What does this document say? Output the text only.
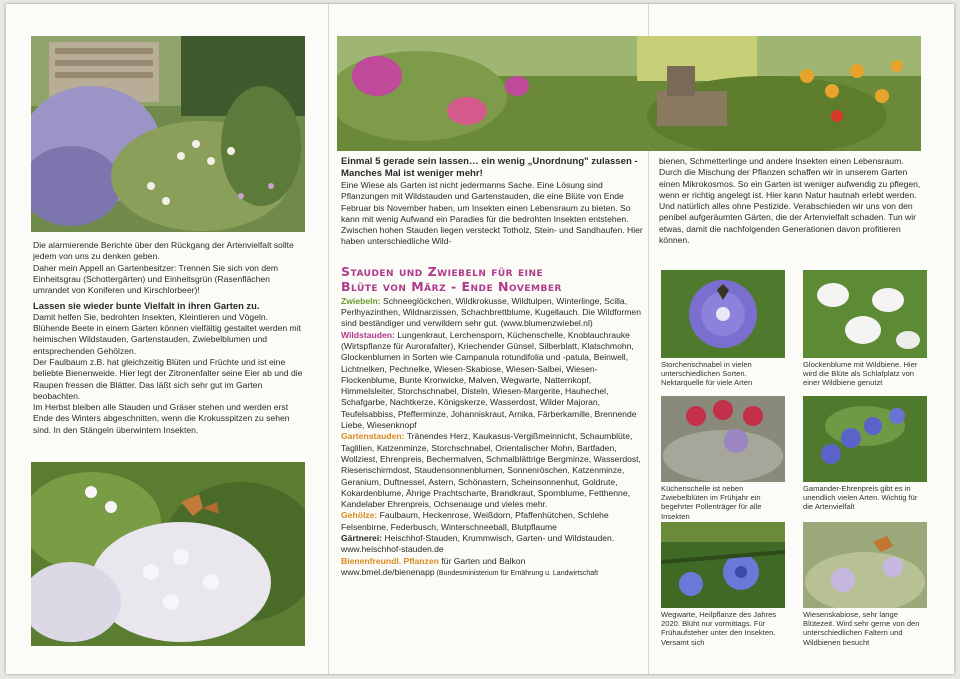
Die alarmierende Berichte über den Rückgang der Artenvielfalt sollte jedem von uns zu denken geben.

Daher mein Appell an Gartenbesitzer: Trennen Sie sich von dem Einheitsgrau (Schottergärten) und Einheitsgrün (Rasenflächen umrandet von Koniferen und Kirschlorbeer)!

Lassen sie wieder bunte Vielfalt in ihren Garten zu.

Damit helfen Sie, bedrohten Insekten, Kleintieren und Vögeln.

Blühende Beete in einem Garten können vielfältig gestaltet werden mit heimischen Wildstauden, Gartenstauden, Zwiebelblumen und entsprechenden Gehölzen.

Der Faulbaum z.B. hat gleichzeitig Blüten und Früchte und ist eine beliebte Bienenweide. Hier legt der Zitronenfalter seine Eier ab und die Raupen fressen die Blätter. Das läßt sich sehr gut im Garten beobachten.

Im Herbst bleiben alle Stauden und Gräser stehen und werden erst Ende des Winters abgeschnitten, wenn die Krokusspitzen zu sehen sind. In den Stängeln überwintern Insekten.

Einmal 5 gerade sein lassen… ein wenig „Unordnung" zulassen - Manches Mal ist weniger mehr!

Eine Wiese als Garten ist nicht jedermanns Sache. Eine Lösung sind Pflanzungen mit Wildstauden und Gartenstauden, die eine Blüte von Ende Februar bis November haben, um Insekten einen Lebensraum zu bieten. So kann mit wenig Aufwand ein Paradies für die bedrohten Insekten entstehen. Zwischen hohen Stauden liegen versteckt Totholz, Stein- und Sandhaufen. Hier haben unterschiedliche Wild-

Stauden und Zwiebeln für eine

Blüte von März - Ende November

Zwiebeln: Schneeglöckchen, Wildkrokusse, Wildtulpen, Winterlinge, Scilla, Perlhyazinthen, Wildnarzissen, Schachbrettblume, Kugellauch. Die Wildformen sind beständiger und verwildern sehr gut. (www.blumenzwiebel.nl)

Wildstauden: Lungenkraut, Lerchensporn, Küchenschelle, Knoblauchrauke (Wirtspflanze für Aurorafalter), Kriechender Günsel, Silberblatt, Klatschmohn, Glockenblumen in Sorten wie Campanula rotundifolia und -patula, Beinwell, Lichtnelken, Pechnelke, Wiesen-Skabiose, Wiesen-Salbei, Wiesen-Flockenblume, Bunte Kronwicke, Malven, Wegwarte, Natternkopf, Himmelsleiter, Storchschnabel, Disteln, Wiesen-Margerite, Hauhechel, Schafgarbe, Nachtkerze, Königskerze, Wasserdost, Wilder Majoran, Teufelsabbiss, Pfefferminze, Johanniskraut, Arnika, Färberkamille, Brennende Liebe, Wiesenknopf

Gartenstauden: Tränendes Herz, Kaukasus-Vergißmeinnicht, Schaumblüte, Taglilien, Katzenminze, Storchschnabel, Orientalischer Mohn, Bartfaden, Wollziest, Ehrenpreis, Bechermalven, Schmalblättrige Bergminze, Wasserdost, Riesenschirmdost, Staudensonnenblumen, Sonnenröschen, Katzenminze, Geranium, Duftnessel, Astern, Schönastern, Scheinsonnenhut, Goldrute, Kokardenblume, Ährige Prachtscharte, Brandkraut, Spornblume, Fetthenne, Kandelaber Ehrenpreis, Ochsenauge und vieles mehr.

Gehölze: Faulbaum, Heckenrose, Weißdorn, Pfaffenhütchen, Schlehe Felsenbirne, Federbusch, Winterschneeball, Blutpflaume

Gärtnerei: Heischhof-Stauden, Krummwisch, Garten- und Wildstauden. www.heischhof-stauden.de

Bienenfreundl. Pflanzen für Garten und Balkon

www.bmel.de/bienenapp (Bundesministerium für Ernährung u. Landwirtschaft

bienen, Schmetterlinge und andere Insekten einen Lebensraum. Durch die Mischung der Pflanzen schaffen wir in unserem Garten einen Mikrokosmos. So ein Garten ist weniger aufwendig zu pflegen, wenn er richtig angelegt ist. Hier kann Natur hautnah erlebt werden. Und natürlich alles ohne Pestizide. Verabschieden wir uns von den penibel aufgeräumten Gärten, die der Artenvielfalt schaden. Tun wir etwas, damit die nachfolgenden Generationen davon profitieren können.

Storchenschnabel in vielen unterschiedlichen Sorten. Nektarquelle für viele Arten
Glockenblume mit Wildbiene. Hier wird die Blüte als Schlafplatz von einer Wildbiene genutzt
Küchenschelle ist neben Zwiebelblüten im Frühjahr ein begehrter Pollenträger für alle Insekten
Gamander-Ehrenpreis gibt es in unendlich vielen Arten. Wichtig für die Artenvielfalt
Wegwarte, Heilpflanze des Jahres 2020. Blüht nur vormittags. Für Frühaufsteher unter den Insekten. Versamt sich
Wiesenskabiose, sehr lange Blütezeit. Wird sehr gerne von den unterschiedlichen Faltern und Wildbienen besucht
